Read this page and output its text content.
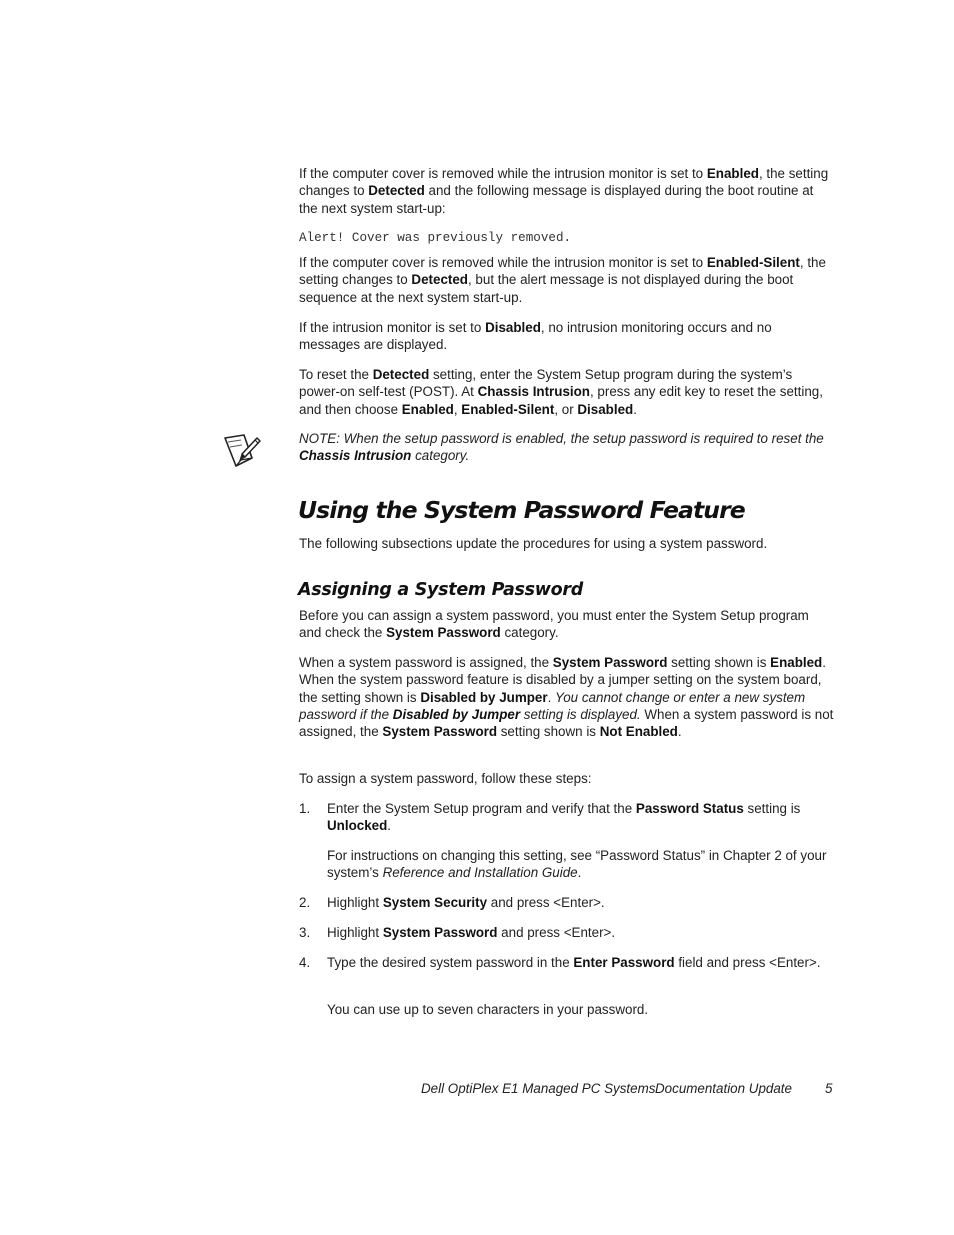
If the computer cover is removed while the intrusion monitor is set to Enabled, the setting changes to Detected and the following message is displayed during the boot routine at the next system start-up:

Alert! Cover was previously removed.

If the computer cover is removed while the intrusion monitor is set to Enabled-Silent, the setting changes to Detected, but the alert message is not displayed during the boot sequence at the next system start-up.

If the intrusion monitor is set to Disabled, no intrusion monitoring occurs and no messages are displayed.

To reset the Detected setting, enter the System Setup program during the system’s power-on self-test (POST). At Chassis Intrusion, press any edit key to reset the setting, and then choose Enabled, Enabled-Silent, or Disabled.

NOTE: When the setup password is enabled, the setup password is required to reset the Chassis Intrusion category.

Using the System Password Feature

The following subsections update the procedures for using a system password.

Assigning a System Password

Before you can assign a system password, you must enter the System Setup program and check the System Password category.

When a system password is assigned, the System Password setting shown is Enabled. When the system password feature is disabled by a jumper setting on the system board, the setting shown is Disabled by Jumper. You cannot change or enter a new system password if the Disabled by Jumper setting is displayed. When a system password is not assigned, the System Password setting shown is Not Enabled.

To assign a system password, follow these steps:

1. Enter the System Setup program and verify that the Password Status setting is Unlocked.

For instructions on changing this setting, see “Password Status” in Chapter 2 of your system’s Reference and Installation Guide.

2. Highlight System Security and press <Enter>.

3. Highlight System Password and press <Enter>.

4. Type the desired system password in the Enter Password field and press <Enter>.

You can use up to seven characters in your password.

Dell OptiPlex E1 Managed PC Systems Documentation Update 5
